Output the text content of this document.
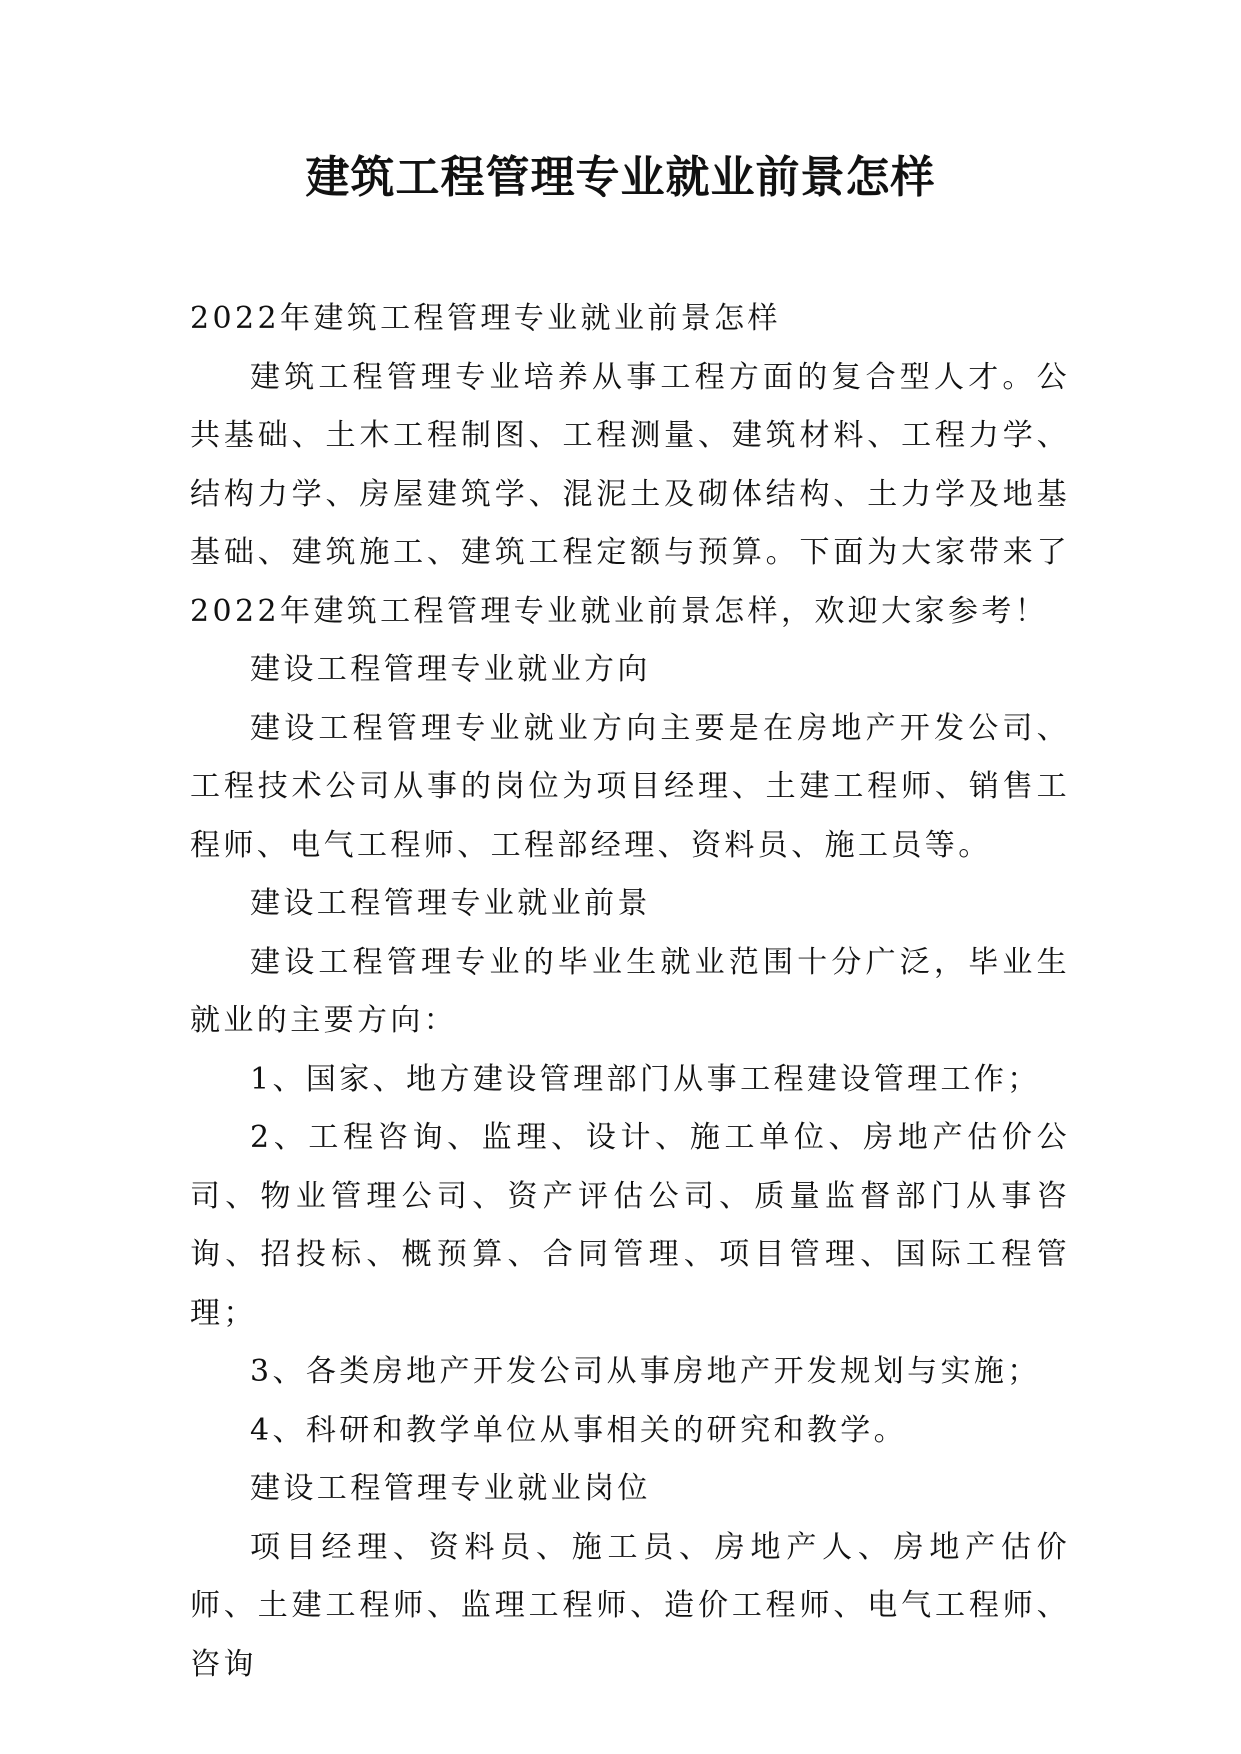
建筑工程管理专业就业前景怎样

2022年建筑工程管理专业就业前景怎样

建筑工程管理专业培养从事工程方面的复合型人才。公共基础、土木工程制图、工程测量、建筑材料、工程力学、结构力学、房屋建筑学、混泥土及砌体结构、土力学及地基基础、建筑施工、建筑工程定额与预算。下面为大家带来了2022年建筑工程管理专业就业前景怎样，欢迎大家参考！

建设工程管理专业就业方向

建设工程管理专业就业方向主要是在房地产开发公司、工程技术公司从事的岗位为项目经理、土建工程师、销售工程师、电气工程师、工程部经理、资料员、施工员等。

建设工程管理专业就业前景

建设工程管理专业的毕业生就业范围十分广泛，毕业生就业的主要方向：

1、国家、地方建设管理部门从事工程建设管理工作；

2、工程咨询、监理、设计、施工单位、房地产估价公司、物业管理公司、资产评估公司、质量监督部门从事咨询、招投标、概预算、合同管理、项目管理、国际工程管理；

3、各类房地产开发公司从事房地产开发规划与实施；

4、科研和教学单位从事相关的研究和教学。

建设工程管理专业就业岗位

项目经理、资料员、施工员、房地产人、房地产估价师、土建工程师、监理工程师、造价工程师、电气工程师、咨询
